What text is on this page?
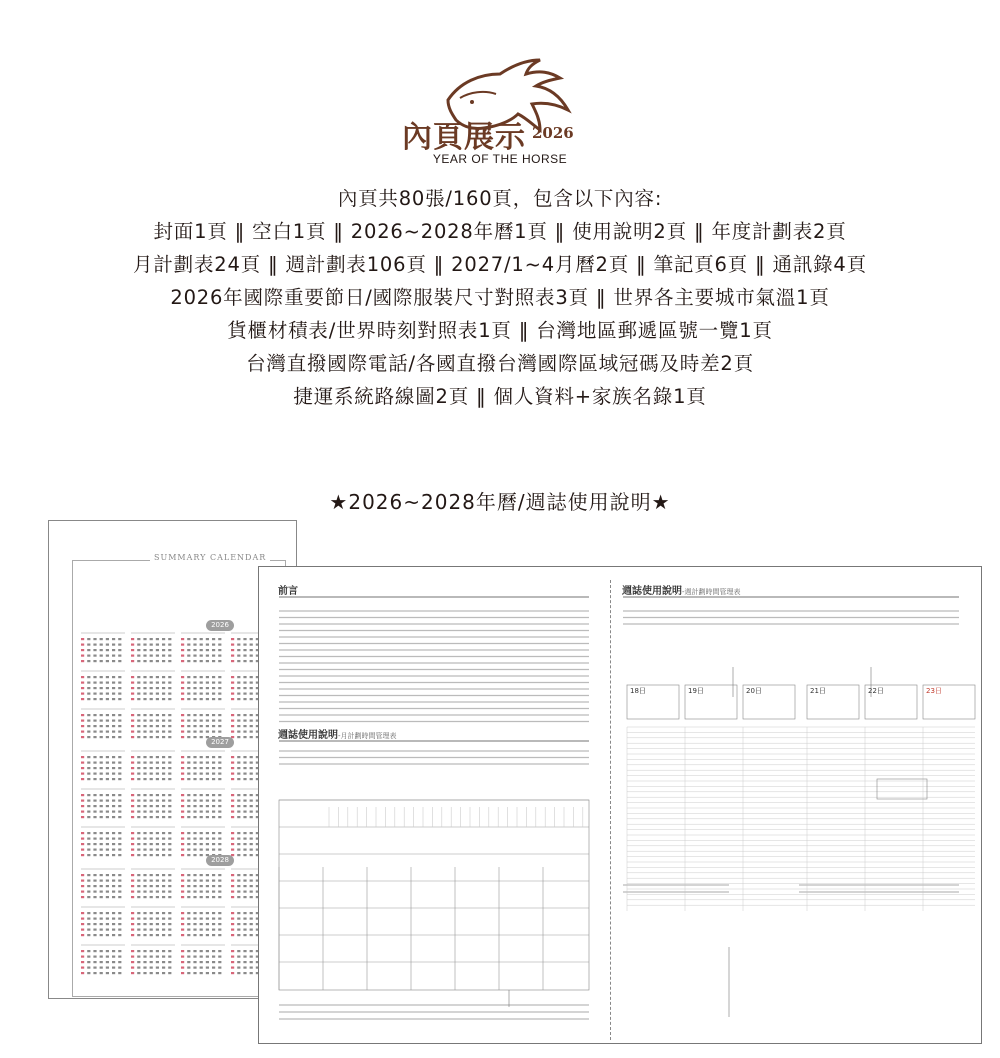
內頁展示 2026
YEAR OF THE HORSE
內頁共80張/160頁，包含以下內容:
封面1頁 ‖ 空白1頁 ‖ 2026~2028年曆1頁 ‖ 使用說明2頁 ‖ 年度計劃表2頁
月計劃表24頁 ‖ 週計劃表106頁 ‖ 2027/1~4月曆2頁 ‖ 筆記頁6頁 ‖ 通訊錄4頁
2026年國際重要節日/國際服裝尺寸對照表3頁 ‖ 世界各主要城市氣溫1頁
貨櫃材積表/世界時刻對照表1頁 ‖ 台灣地區郵遞區號一覽1頁
台灣直撥國際電話/各國直撥台灣國際區域冠碼及時差2頁
捷運系統路線圖2頁 ‖ 個人資料+家族名錄1頁
★2026~2028年曆/週誌使用說明★
SUMMARY CALENDAR
2026
2027
2028
前言
週誌使用說明-月計劃時間管理表
週誌使用說明-週計劃時間管理表
18日	19日	20日	21日	22日	23日
